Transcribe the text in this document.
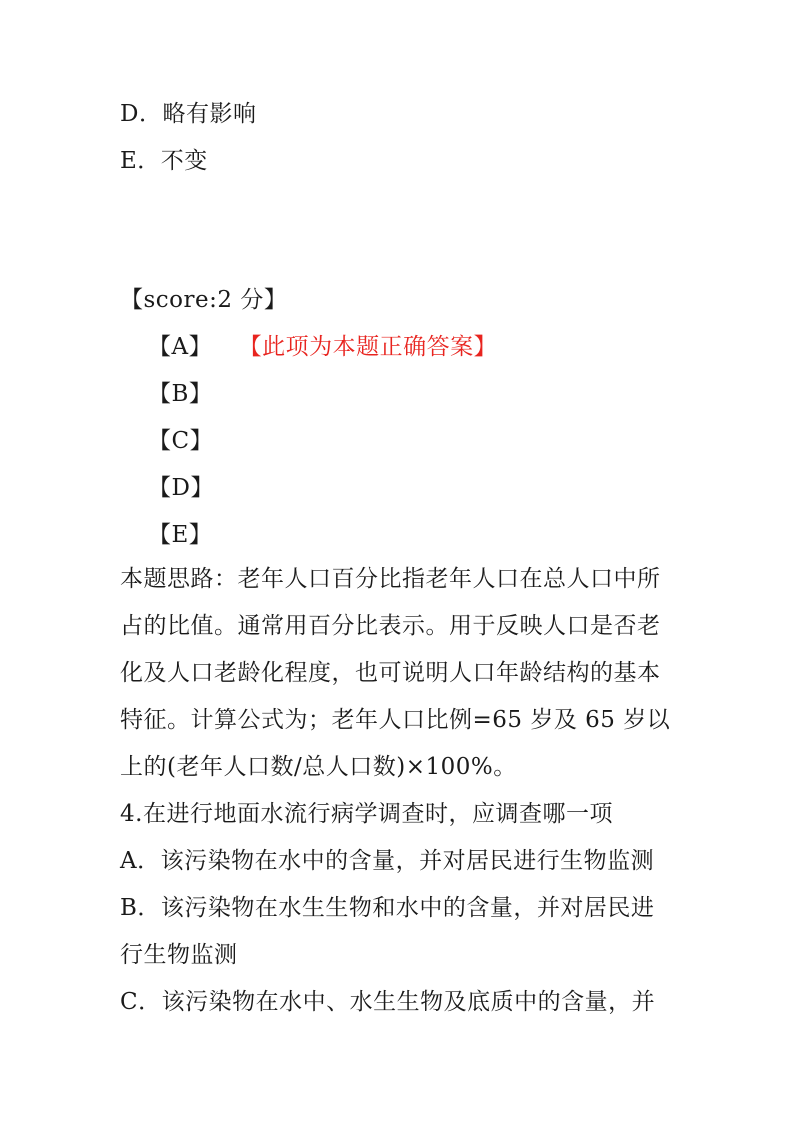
D．略有影响
E．不变
【score:2 分】
【A】 【此项为本题正确答案】
【B】
【C】
【D】
【E】
本题思路：老年人口百分比指老年人口在总人口中所
占的比值。通常用百分比表示。用于反映人口是否老
化及人口老龄化程度，也可说明人口年龄结构的基本
特征。计算公式为；老年人口比例=65 岁及 65 岁以
上的(老年人口数/总人口数)×100%。
4.在进行地面水流行病学调查时，应调查哪一项
A．该污染物在水中的含量，并对居民进行生物监测
B．该污染物在水生生物和水中的含量，并对居民进
行生物监测
C．该污染物在水中、水生生物及底质中的含量，并
